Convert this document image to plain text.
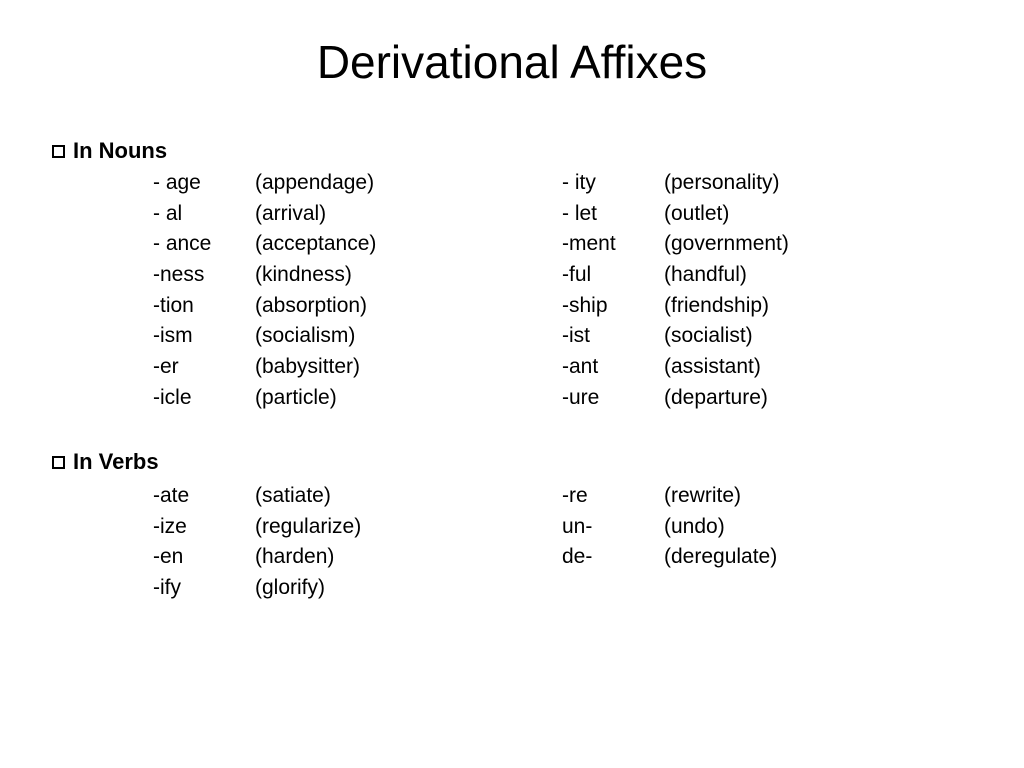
Derivational Affixes
In Nouns
- age	(appendage)	- ity	(personality)
- al	(arrival)	- let	(outlet)
- ance (acceptance)	-ment (government)
-ness (kindness)	-ful	(handful)
-tion	(absorption)	-ship	(friendship)
-ism	(socialism)	-ist	(socialist)
-er	(babysitter)	-ant	(assistant)
-icle	(particle)	-ure	(departure)
In Verbs
-ate	(satiate)	-re	(rewrite)
-ize	(regularize)	un-	(undo)
-en	(harden)	de-	(deregulate)
-ify	(glorify)
